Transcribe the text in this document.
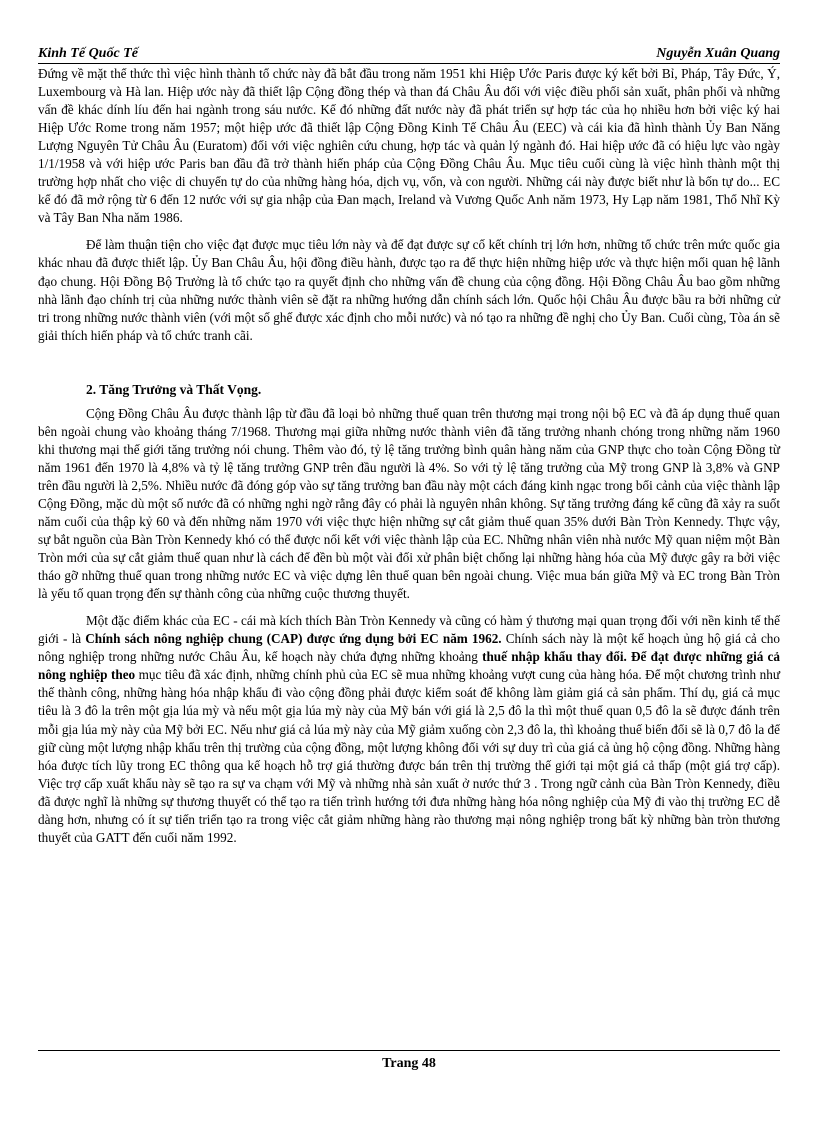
Kinh Tế Quốc Tế	Nguyễn Xuân Quang

Đứng về mặt thể thức thì việc hình thành tổ chức này đã bắt đầu trong năm 1951 khi Hiệp Ước Paris được ký kết bởi Bỉ, Pháp, Tây Đức, Ý, Luxembourg và Hà lan. Hiệp ước này đã thiết lập Cộng đồng thép và than đá Châu Âu đối với việc điều phối sản xuất, phân phối và những vấn đề khác dính líu đến hai ngành trong sáu nước. Kế đó những đất nước này đã phát triển sự hợp tác của họ nhiều hơn bởi việc ký hai Hiệp Ước Rome trong năm 1957; một hiệp ước đã thiết lập Cộng Đồng Kinh Tế Châu Âu (EEC) và cái kia đã hình thành Ủy Ban Năng Lượng Nguyên Tử Châu Âu (Euratom) đối với việc nghiên cứu chung, hợp tác và quản lý ngành đó. Hai hiệp ước đã có hiệu lực vào ngày 1/1/1958 và với hiệp ước Paris ban đầu đã trở thành hiến pháp của Cộng Đồng Châu Âu. Mục tiêu cuối cùng là việc hình thành một thị trường hợp nhất cho việc di chuyển tự do của những hàng hóa, dịch vụ, vốn, và con người. Những cái này được biết như là bốn tự do... EC kể đó đã mở rộng từ 6 đến 12 nước với sự gia nhập của Đan mạch, Ireland và Vương Quốc Anh năm 1973, Hy Lạp năm 1981, Thổ Nhĩ Kỳ và Tây Ban Nha năm 1986.

Để làm thuận tiện cho việc đạt được mục tiêu lớn này và để đạt được sự cố kết chính trị lớn hơn, những tổ chức trên mức quốc gia khác nhau đã được thiết lập. Ủy Ban Châu Âu, hội đồng điều hành, được tạo ra để thực hiện những hiệp ước và thực hiện mối quan hệ lãnh đạo chung. Hội Đồng Bộ Trưởng là tổ chức tạo ra quyết định cho những vấn đề chung của cộng đồng. Hội Đồng Châu Âu bao gồm những nhà lãnh đạo chính trị của những nước thành viên sẽ đặt ra những hướng dẫn chính sách lớn. Quốc hội Châu Âu được bầu ra bởi những cử tri trong những nước thành viên (với một số ghế được xác định cho mỗi nước) và nó tạo ra những đề nghị cho Ủy Ban. Cuối cùng, Tòa án sẽ giải thích hiến pháp và tổ chức tranh cãi.

2. Tăng Trưởng và Thất Vọng.

Cộng Đồng Châu Âu được thành lập từ đầu đã loại bỏ những thuế quan trên thương mại trong nội bộ EC và đã áp dụng thuế quan bên ngoài chung vào khoảng tháng 7/1968. Thương mại giữa những nước thành viên đã tăng trưởng nhanh chóng trong những năm 1960 khi thương mại thế giới tăng trưởng nói chung. Thêm vào đó, tỷ lệ tăng trưởng bình quân hàng năm của GNP thực cho toàn Cộng Đồng từ năm 1961 đến 1970 là 4,8% và tỷ lệ tăng trưởng GNP trên đầu người là 4%. So với tỷ lệ tăng trưởng của Mỹ trong GNP là 3,8% và GNP trên đầu người là 2,5%. Nhiều nước đã đóng góp vào sự tăng trưởng ban đầu này một cách đáng kinh ngạc trong bối cảnh của việc thành lập Cộng Đồng, mặc dù một số nước đã có những nghi ngờ rằng đây có phải là nguyên nhân không. Sự tăng trưởng đáng kể cũng đã xảy ra suốt năm cuối của thập kỷ 60 và đến những năm 1970 với việc thực hiện những sự cắt giảm thuế quan 35% dưới Bàn Tròn Kennedy. Thực vậy, sự bắt nguồn của Bàn Tròn Kennedy khó có thể được nối kết với việc thành lập của EC. Những nhân viên nhà nước Mỹ quan niệm một Bàn Tròn mới của sự cắt giảm thuế quan như là cách để đền bù một vài đối xử phân biệt chống lại những hàng hóa của Mỹ được gây ra bởi việc tháo gỡ những thuế quan trong những nước EC và việc dựng lên thuế quan bên ngoài chung. Việc mua bán giữa Mỹ và EC trong Bàn Tròn là yếu tố quan trọng đến sự thành công của những cuộc thương thuyết.

Một đặc điểm khác của EC - cái mà kích thích Bàn Tròn Kennedy và cũng có hàm ý thương mại quan trọng đối với nền kinh tế thế giới - là Chính sách nông nghiệp chung (CAP) được ứng dụng bởi EC năm 1962. Chính sách này là một kế hoạch ủng hộ giá cả cho nông nghiệp trong những nước Châu Âu, kế hoạch này chứa đựng những khoảng thuế nhập khẩu thay đổi. Để đạt được những giá cả nông nghiệp theo mục tiêu đã xác định, những chính phủ của EC sẽ mua những khoảng vượt cung của hàng hóa. Để một chương trình như thế thành công, những hàng hóa nhập khẩu đi vào cộng đồng phải được kiểm soát để không làm giảm giá cả sản phẩm. Thí dụ, giá cả mục tiêu là 3 đô la trên một gịa lúa mỳ và nếu một gịa lúa mỳ này của Mỹ bán với giá là 2,5 đô la thì một thuế quan 0,5 đô la sẽ được đánh trên mỗi gịa lúa mỳ này của Mỹ bởi EC. Nếu như giá cả lúa mỳ này của Mỹ giảm xuống còn 2,3 đô la, thì khoảng thuế biến đổi sẽ là 0,7 đô la để giữ cùng một lượng nhập khẩu trên thị trường của cộng đồng, một lượng không đổi với sự duy trì của giá cả ủng hộ cộng đồng. Những hàng hóa được tích lũy trong EC thông qua kế hoạch hỗ trợ giá thường được bán trên thị trường thế giới tại một giá cả thấp (một giá trợ cấp). Việc trợ cấp xuất khẩu này sẽ tạo ra sự va chạm với Mỹ và những nhà sản xuất ở nước thứ 3 . Trong ngữ cảnh của Bàn Tròn Kennedy, điều đã được nghĩ là những sự thương thuyết có thể tạo ra tiến trình hướng tới đưa những hàng hóa nông nghiệp của Mỹ đi vào thị trường EC dễ dàng hơn, nhưng có ít sự tiến triển tạo ra trong việc cắt giảm những hàng rào thương mại nông nghiệp trong bất kỳ những bàn tròn thương thuyết của GATT đến cuối năm 1992.

Trang 48
